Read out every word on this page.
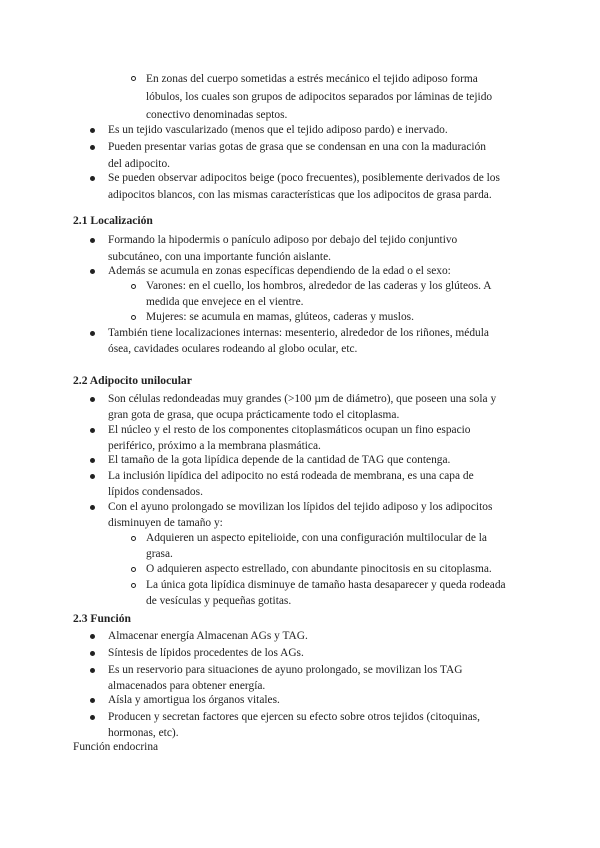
En zonas del cuerpo sometidas a estrés mecánico el tejido adiposo forma
lóbulos, los cuales son grupos de adipocitos separados por láminas de tejido
conectivo denominadas septos.
Es un tejido vascularizado (menos que el tejido adiposo pardo) e inervado.
Pueden presentar varias gotas de grasa que se condensan en una con la maduración
del adipocito.
Se pueden observar adipocitos beige (poco frecuentes), posiblemente derivados de los
adipocitos blancos, con las mismas características que los adipocitos de grasa parda.
2.1 Localización
Formando la hipodermis o panículo adiposo por debajo del tejido conjuntivo
subcutáneo, con una importante función aislante.
Además se acumula en zonas específicas dependiendo de la edad o el sexo:
Varones: en el cuello, los hombros, alrededor de las caderas y los glúteos. A
medida que envejece en el vientre.
Mujeres: se acumula en mamas, glúteos, caderas y muslos.
También tiene localizaciones internas: mesenterio, alrededor de los riñones, médula
ósea, cavidades oculares rodeando al globo ocular, etc.
2.2 Adipocito unilocular
Son células redondeadas muy grandes (>100 µm de diámetro), que poseen una sola y
gran gota de grasa, que ocupa prácticamente todo el citoplasma.
El núcleo y el resto de los componentes citoplasmáticos ocupan un fino espacio
periférico, próximo a la membrana plasmática.
El tamaño de la gota lipídica depende de la cantidad de TAG que contenga.
La inclusión lipídica del adipocito no está rodeada de membrana, es una capa de
lípidos condensados.
Con el ayuno prolongado se movilizan los lípidos del tejido adiposo y los adipocitos
disminuyen de tamaño y:
Adquieren un aspecto epitelioide, con una configuración multilocular de la
grasa.
O adquieren aspecto estrellado, con abundante pinocitosis en su citoplasma.
La única gota lipídica disminuye de tamaño hasta desaparecer y queda rodeada
de vesículas y pequeñas gotitas.
2.3 Función
Almacenar energía Almacenan AGs y TAG.
Síntesis de lípidos procedentes de los AGs.
Es un reservorio para situaciones de ayuno prolongado, se movilizan los TAG
almacenados para obtener energía.
Aísla y amortigua los órganos vitales.
Producen y secretan factores que ejercen su efecto sobre otros tejidos (citoquinas,
hormonas, etc).
Función endocrina
